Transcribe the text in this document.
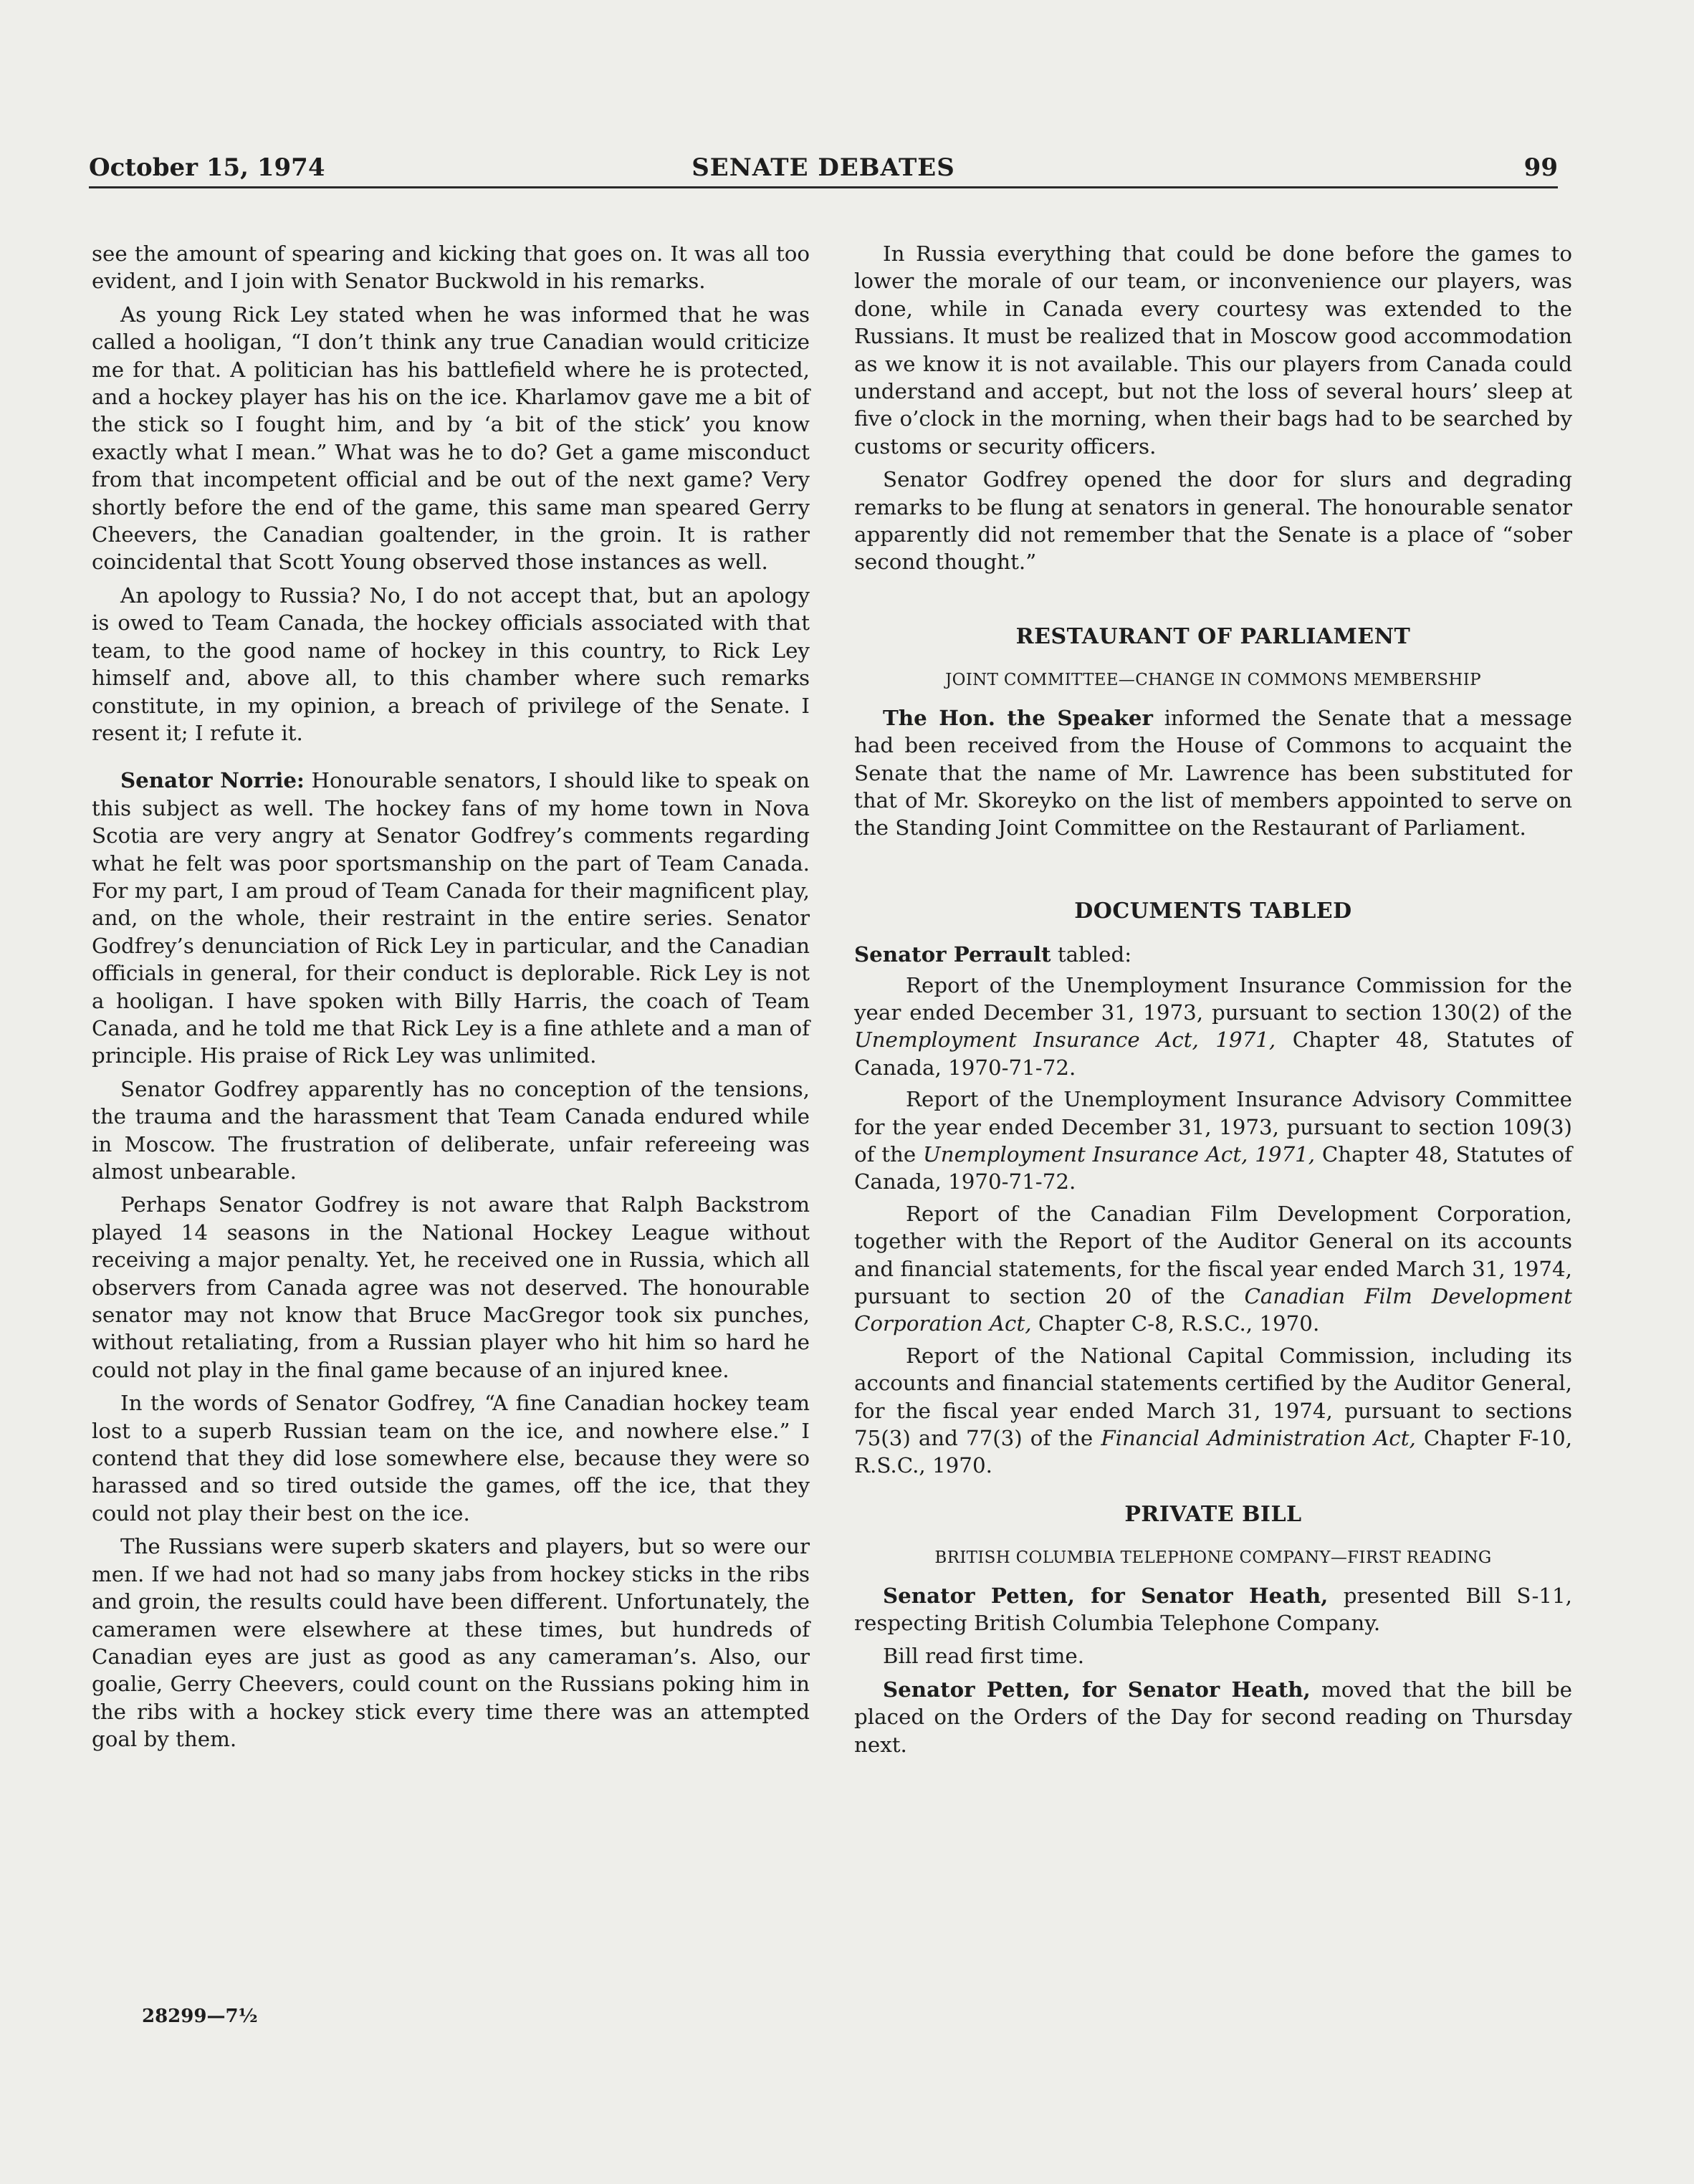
October 15, 1974	SENATE DEBATES	99

see the amount of spearing and kicking that goes on. It was all too evident, and I join with Senator Buckwold in his remarks.

As young Rick Ley stated when he was informed that he was called a hooligan, “I don’t think any true Canadian would criticize me for that. A politician has his battlefield where he is protected, and a hockey player has his on the ice. Kharlamov gave me a bit of the stick so I fought him, and by ‘a bit of the stick’ you know exactly what I mean.” What was he to do? Get a game misconduct from that incompetent official and be out of the next game? Very shortly before the end of the game, this same man speared Gerry Cheevers, the Canadian goaltender, in the groin. It is rather coincidental that Scott Young observed those instances as well.

An apology to Russia? No, I do not accept that, but an apology is owed to Team Canada, the hockey officials associated with that team, to the good name of hockey in this country, to Rick Ley himself and, above all, to this chamber where such remarks constitute, in my opinion, a breach of privilege of the Senate. I resent it; I refute it.

Senator Norrie: Honourable senators, I should like to speak on this subject as well. The hockey fans of my home town in Nova Scotia are very angry at Senator Godfrey’s comments regarding what he felt was poor sportsmanship on the part of Team Canada. For my part, I am proud of Team Canada for their magnificent play, and, on the whole, their restraint in the entire series. Senator Godfrey’s denunciation of Rick Ley in particular, and the Canadian officials in general, for their conduct is deplorable. Rick Ley is not a hooligan. I have spoken with Billy Harris, the coach of Team Canada, and he told me that Rick Ley is a fine athlete and a man of principle. His praise of Rick Ley was unlimited.

Senator Godfrey apparently has no conception of the tensions, the trauma and the harassment that Team Canada endured while in Moscow. The frustration of deliberate, unfair refereeing was almost unbearable.

Perhaps Senator Godfrey is not aware that Ralph Backstrom played 14 seasons in the National Hockey League without receiving a major penalty. Yet, he received one in Russia, which all observers from Canada agree was not deserved. The honourable senator may not know that Bruce MacGregor took six punches, without retaliating, from a Russian player who hit him so hard he could not play in the final game because of an injured knee.

In the words of Senator Godfrey, “A fine Canadian hockey team lost to a superb Russian team on the ice, and nowhere else.” I contend that they did lose somewhere else, because they were so harassed and so tired outside the games, off the ice, that they could not play their best on the ice.

The Russians were superb skaters and players, but so were our men. If we had not had so many jabs from hockey sticks in the ribs and groin, the results could have been different. Unfortunately, the cameramen were elsewhere at these times, but hundreds of Canadian eyes are just as good as any cameraman’s. Also, our goalie, Gerry Cheevers, could count on the Russians poking him in the ribs with a hockey stick every time there was an attempted goal by them.

28299—7½

In Russia everything that could be done before the games to lower the morale of our team, or inconvenience our players, was done, while in Canada every courtesy was extended to the Russians. It must be realized that in Moscow good accommodation as we know it is not available. This our players from Canada could understand and accept, but not the loss of several hours’ sleep at five o’clock in the morning, when their bags had to be searched by customs or security officers.

Senator Godfrey opened the door for slurs and degrading remarks to be flung at senators in general. The honourable senator apparently did not remember that the Senate is a place of “sober second thought.”

RESTAURANT OF PARLIAMENT
JOINT COMMITTEE—CHANGE IN COMMONS MEMBERSHIP

The Hon. the Speaker informed the Senate that a message had been received from the House of Commons to acquaint the Senate that the name of Mr. Lawrence has been substituted for that of Mr. Skoreyko on the list of members appointed to serve on the Standing Joint Committee on the Restaurant of Parliament.

DOCUMENTS TABLED

Senator Perrault tabled:

Report of the Unemployment Insurance Commission for the year ended December 31, 1973, pursuant to section 130(2) of the Unemployment Insurance Act, 1971, Chapter 48, Statutes of Canada, 1970-71-72.

Report of the Unemployment Insurance Advisory Committee for the year ended December 31, 1973, pursuant to section 109(3) of the Unemployment Insurance Act, 1971, Chapter 48, Statutes of Canada, 1970-71-72.

Report of the Canadian Film Development Corporation, together with the Report of the Auditor General on its accounts and financial statements, for the fiscal year ended March 31, 1974, pursuant to section 20 of the Canadian Film Development Corporation Act, Chapter C-8, R.S.C., 1970.

Report of the National Capital Commission, including its accounts and financial statements certified by the Auditor General, for the fiscal year ended March 31, 1974, pursuant to sections 75(3) and 77(3) of the Financial Administration Act, Chapter F-10, R.S.C., 1970.

PRIVATE BILL
BRITISH COLUMBIA TELEPHONE COMPANY—FIRST READING

Senator Petten, for Senator Heath, presented Bill S-11, respecting British Columbia Telephone Company.

Bill read first time.

Senator Petten, for Senator Heath, moved that the bill be placed on the Orders of the Day for second reading on Thursday next.
